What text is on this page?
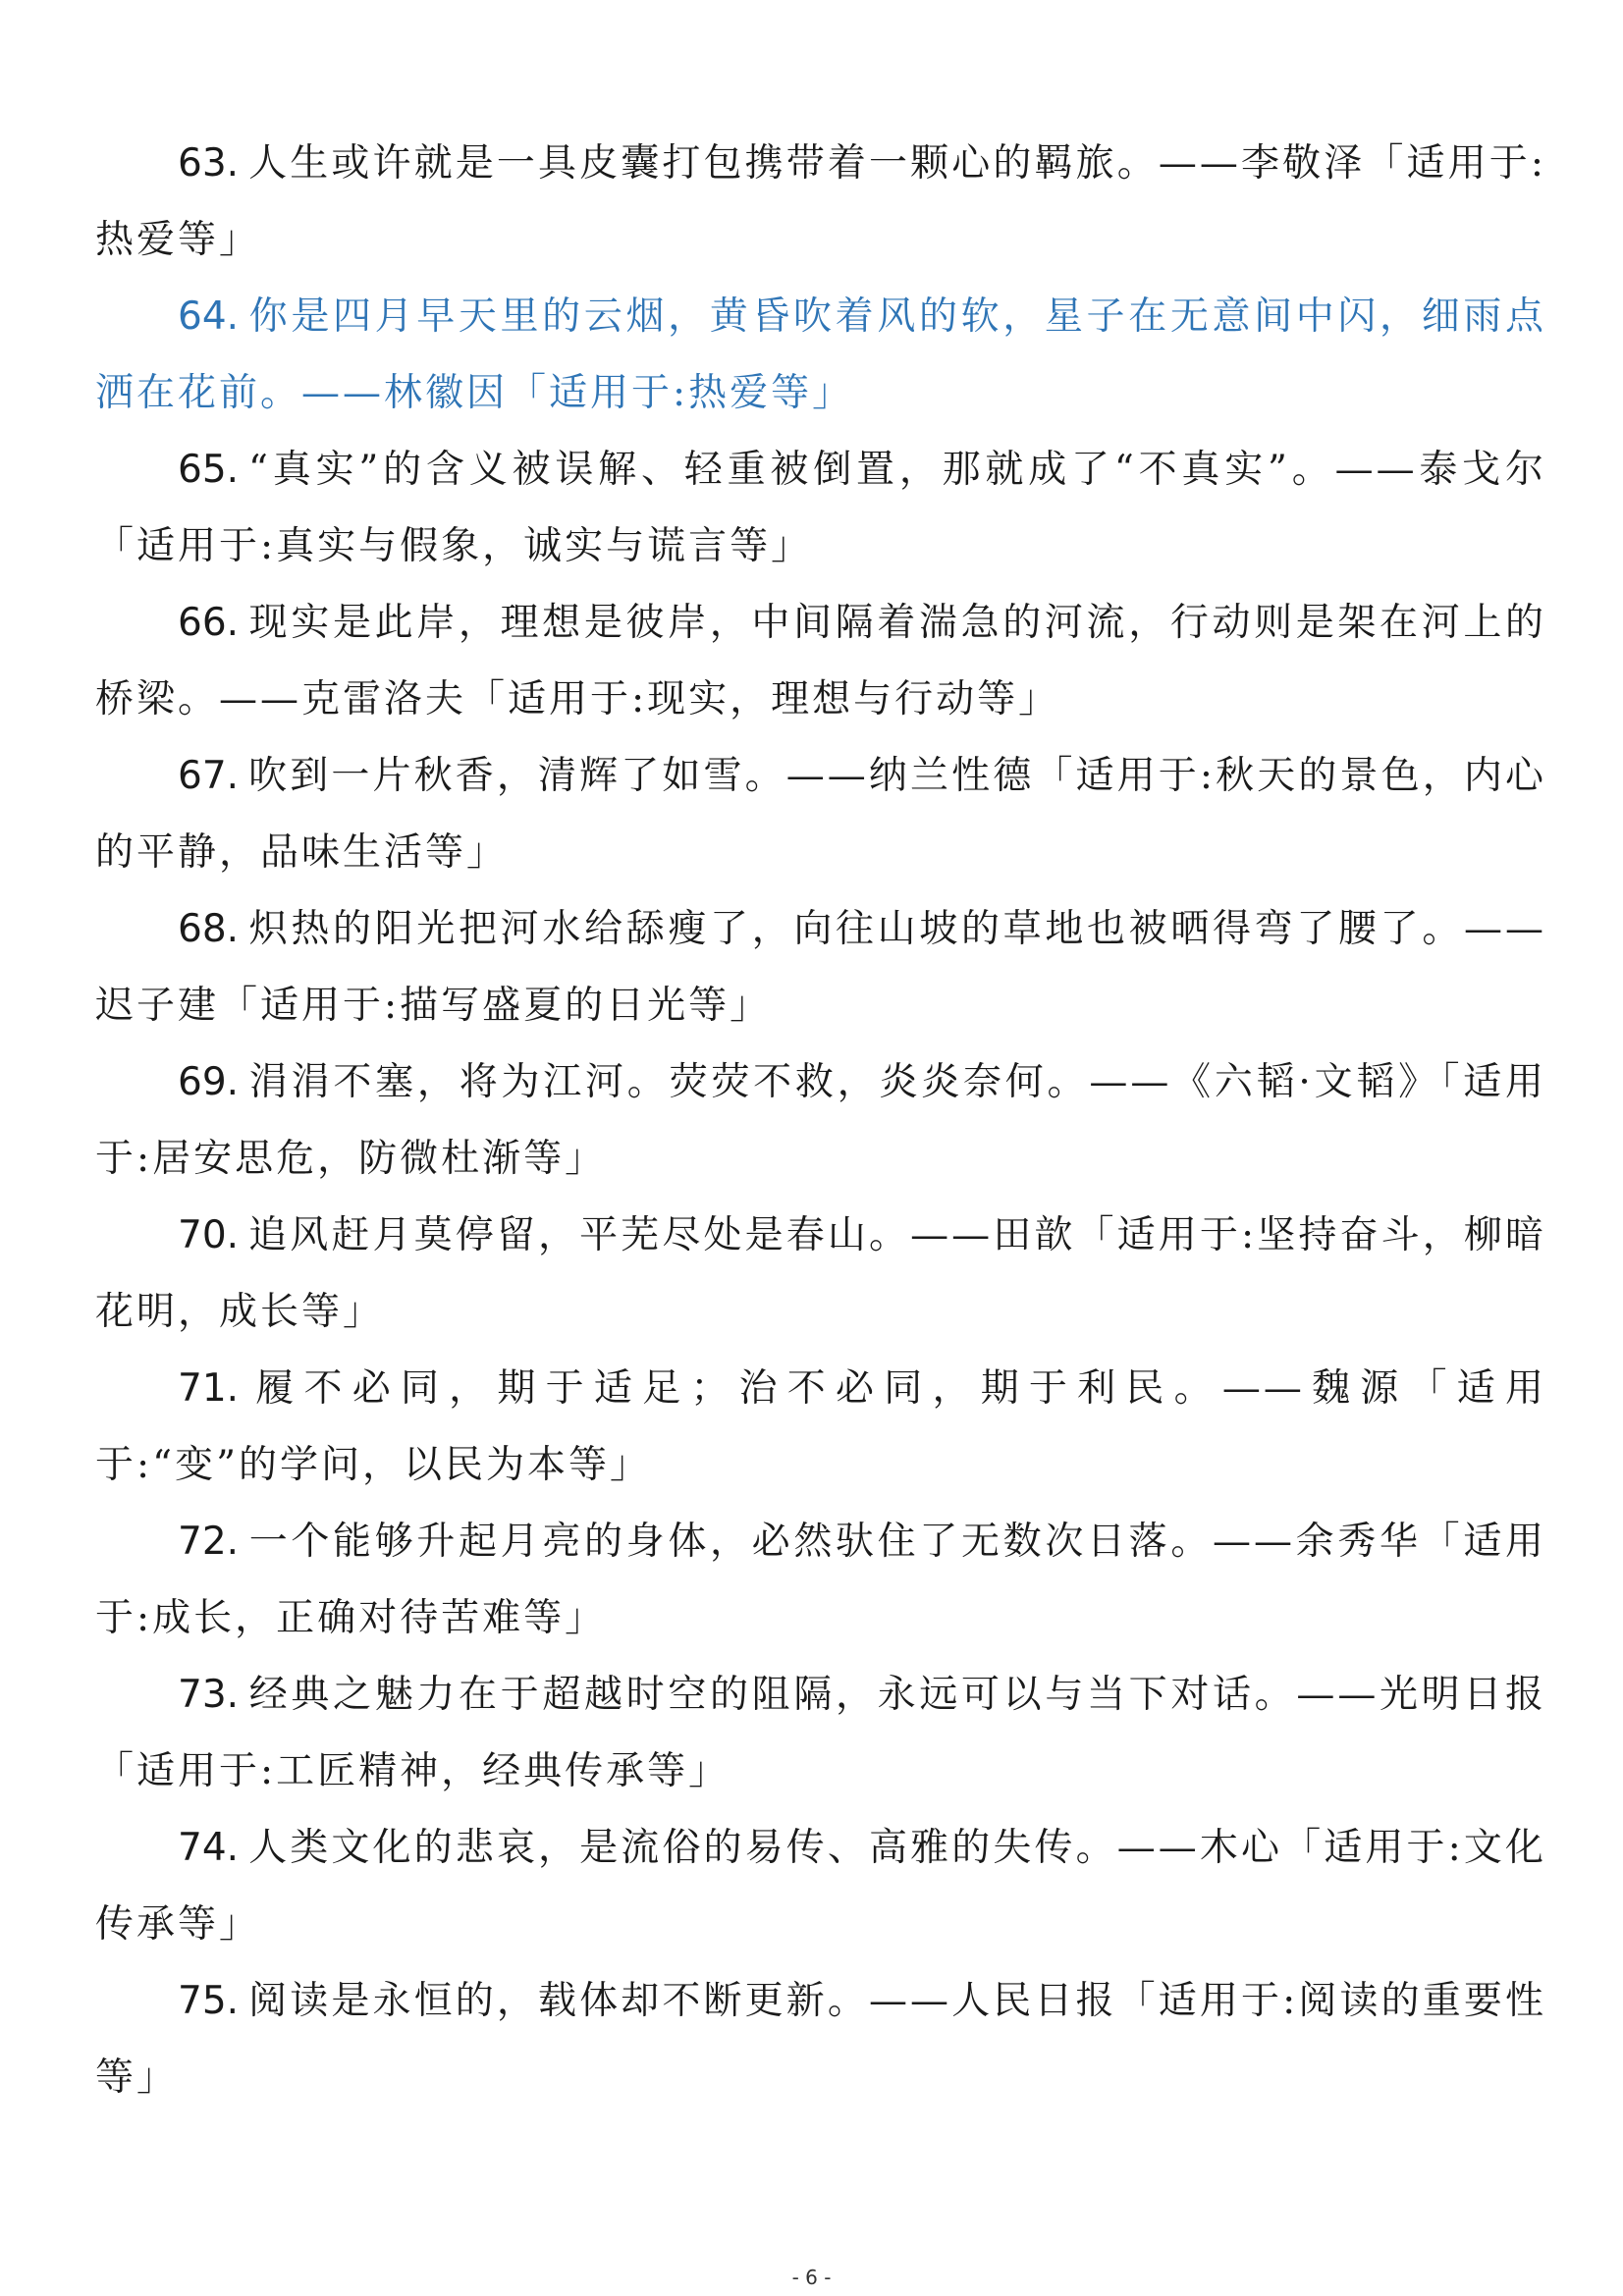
63. 人生或许就是一具皮囊打包携带着一颗心的羁旅。——李敬泽「适用于:热爱等」

64. 你是四月早天里的云烟，黄昏吹着风的软，星子在无意间中闪，细雨点洒在花前。——林徽因「适用于:热爱等」

65. “真实”的含义被误解、轻重被倒置，那就成了“不真实”。——泰戈尔「适用于:真实与假象，诚实与谎言等」

66. 现实是此岸，理想是彼岸，中间隔着湍急的河流，行动则是架在河上的桥梁。——克雷洛夫「适用于:现实，理想与行动等」

67. 吹到一片秋香，清辉了如雪。——纳兰性德「适用于:秋天的景色，内心的平静，品味生活等」

68. 炽热的阳光把河水给舔瘦了，向往山坡的草地也被晒得弯了腰了。——迟子建「适用于:描写盛夏的日光等」

69. 涓涓不塞，将为江河。荧荧不救，炎炎奈何。——《六韬·文韬》「适用于:居安思危，防微杜渐等」

70. 追风赶月莫停留，平芜尽处是春山。——田歆「适用于:坚持奋斗，柳暗花明，成长等」

71. 履不必同，期于适足；治不必同，期于利民。——魏源「适用于:“变”的学问，以民为本等」

72. 一个能够升起月亮的身体，必然驮住了无数次日落。——余秀华「适用于:成长，正确对待苦难等」

73. 经典之魅力在于超越时空的阻隔，永远可以与当下对话。——光明日报「适用于:工匠精神，经典传承等」

74. 人类文化的悲哀，是流俗的易传、高雅的失传。——木心「适用于:文化传承等」

75. 阅读是永恒的，载体却不断更新。——人民日报「适用于:阅读的重要性等」

- 6 -
